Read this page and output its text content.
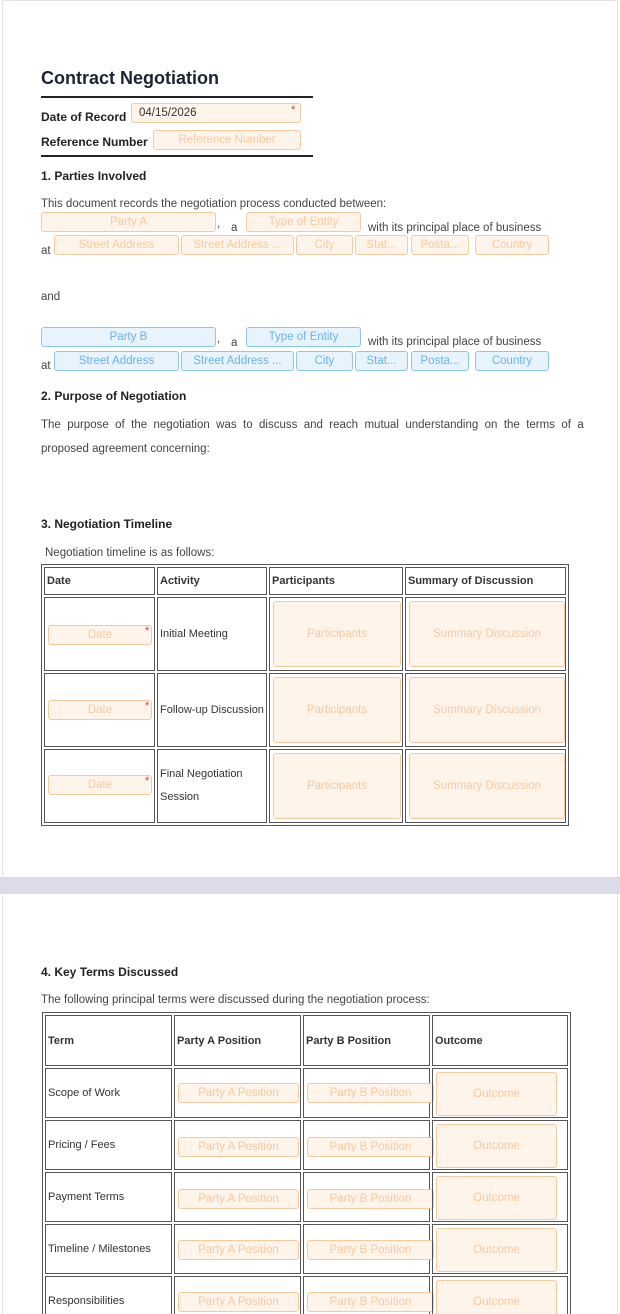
Contract Negotiation
Date of Record	04/15/2026	*
Reference Number	Reference Number
1. Parties Involved
This document records the negotiation process conducted between:
Party A	, a	Type of Entity	with its principal place of business
at	Street Address	Street Address ...	City	Stat...	Posta...	Country
and
Party B	, a	Type of Entity	with its principal place of business
at	Street Address	Street Address ...	City	Stat...	Posta...	Country
2. Purpose of Negotiation
The  purpose  of  the  negotiation  was  to  discuss  and  reach  mutual  understanding  on  the  terms  of  a
proposed agreement concerning:
3. Negotiation Timeline
Negotiation timeline is as follows:
Date	Activity	Participants	Summary of Discussion

Date *	Initial Meeting	Participants	Summary Discussion

Date *	Follow-up Discussion	Participants	Summary Discussion

Date *	Final Negotiation Session	Participants	Summary Discussion
4. Key Terms Discussed
The following principal terms were discussed during the negotiation process:
Term	Party A Position	Party B Position	Outcome
Scope of Work	Party A Position	Party B Position	Outcome

Pricing / Fees	Party A Position	Party B Position	Outcome

Payment Terms	Party A Position	Party B Position	Outcome

Timeline / Milestones	Party A Position	Party B Position	Outcome

Responsibilities	Party A Position	Party B Position	Outcome
